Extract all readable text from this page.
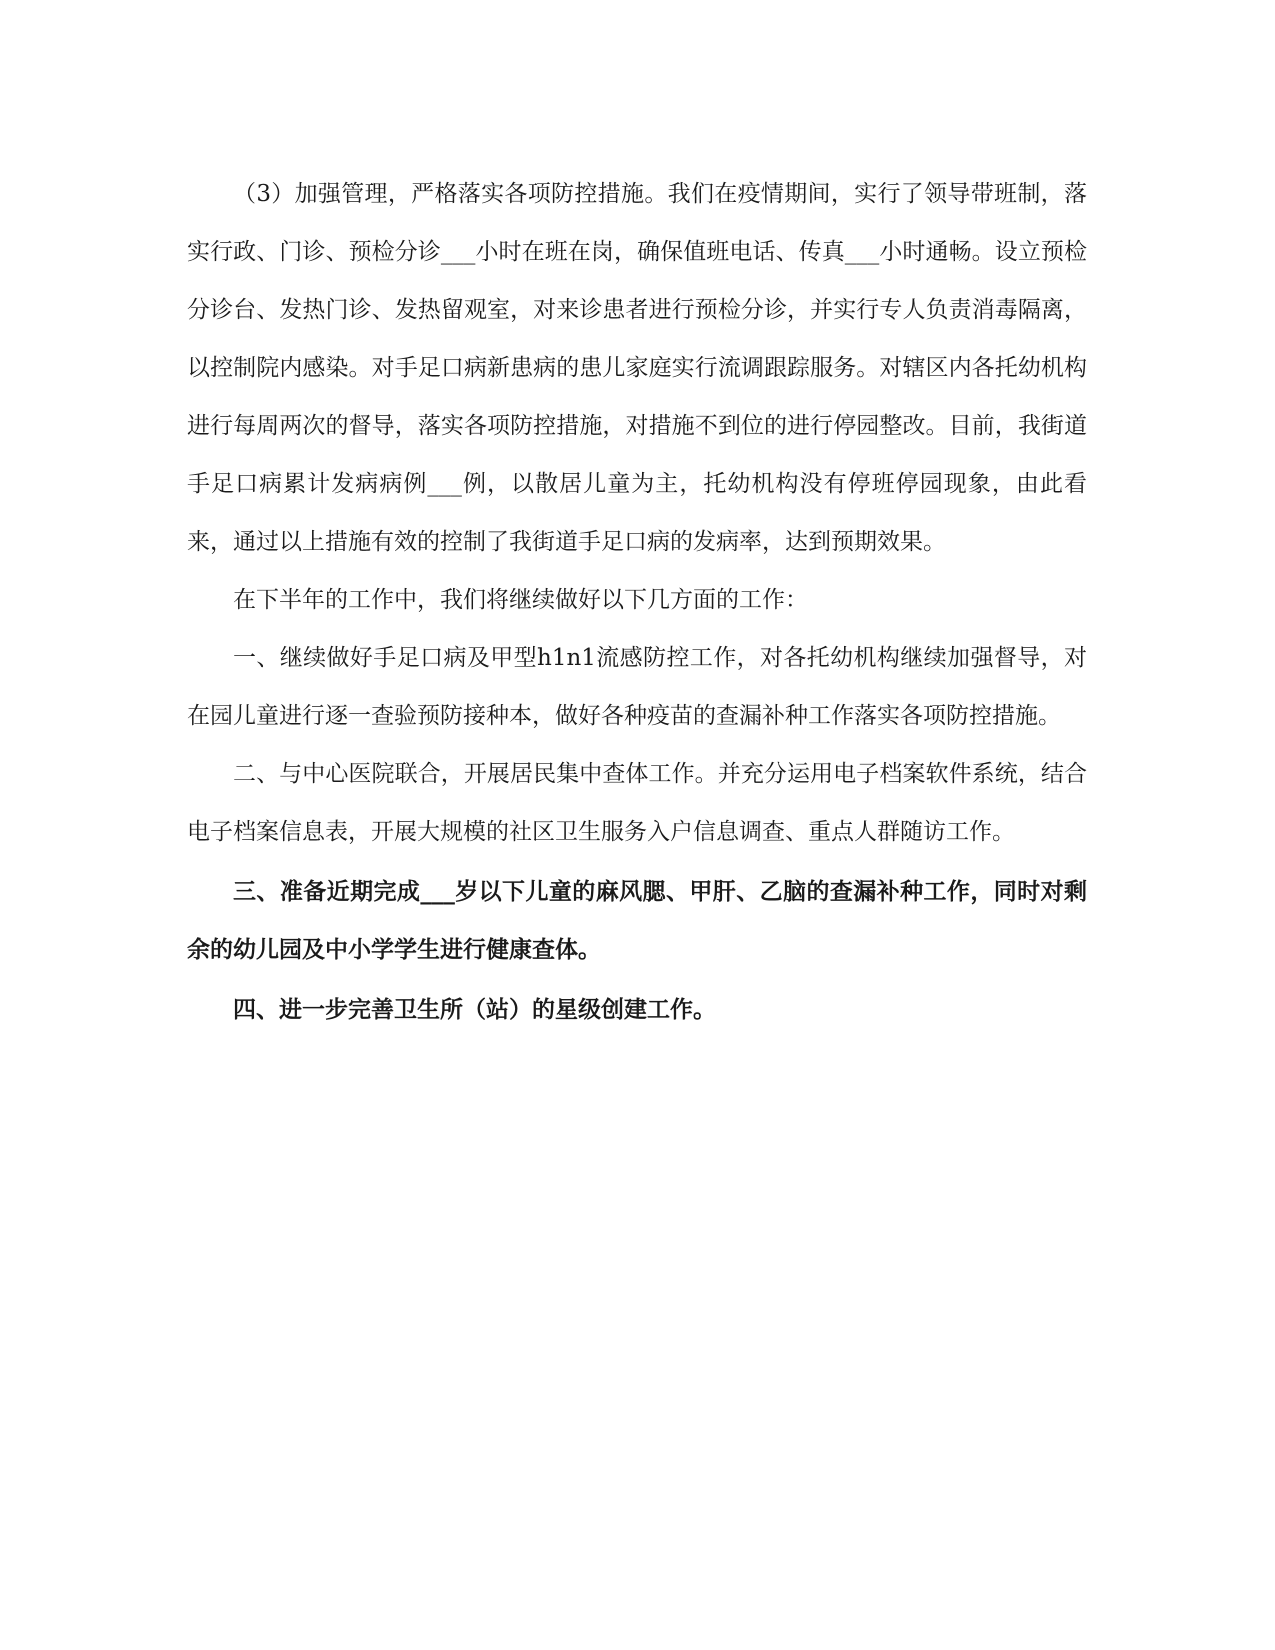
（3）加强管理，严格落实各项防控措施。我们在疫情期间，实行了领导带班制，落实行政、门诊、预检分诊___小时在班在岗，确保值班电话、传真___小时通畅。设立预检分诊台、发热门诊、发热留观室，对来诊患者进行预检分诊，并实行专人负责消毒隔离，以控制院内感染。对手足口病新患病的患儿家庭实行流调跟踪服务。对辖区内各托幼机构进行每周两次的督导，落实各项防控措施，对措施不到位的进行停园整改。目前，我街道手足口病累计发病病例___例，以散居儿童为主，托幼机构没有停班停园现象，由此看来，通过以上措施有效的控制了我街道手足口病的发病率，达到预期效果。

在下半年的工作中，我们将继续做好以下几方面的工作：

一、继续做好手足口病及甲型h1n1流感防控工作，对各托幼机构继续加强督导，对在园儿童进行逐一查验预防接种本，做好各种疫苗的查漏补种工作落实各项防控措施。

二、与中心医院联合，开展居民集中查体工作。并充分运用电子档案软件系统，结合电子档案信息表，开展大规模的社区卫生服务入户信息调查、重点人群随访工作。

三、准备近期完成___岁以下儿童的麻风腮、甲肝、乙脑的查漏补种工作，同时对剩余的幼儿园及中小学学生进行健康查体。

四、进一步完善卫生所（站）的星级创建工作。
